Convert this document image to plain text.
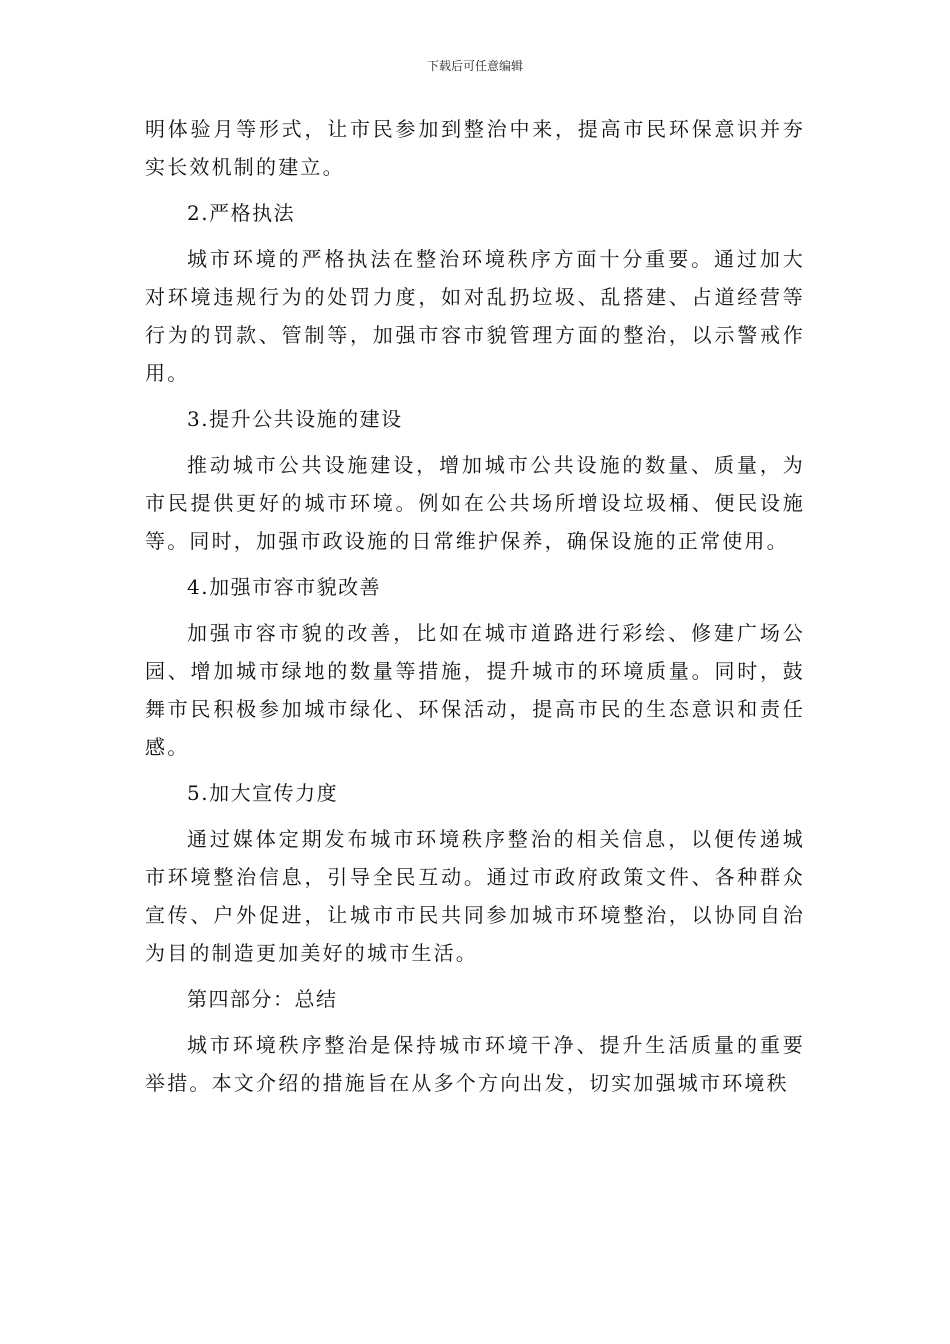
下载后可任意编辑

明体验月等形式，让市民参加到整治中来，提高市民环保意识并夯实长效机制的建立。

2.严格执法

城市环境的严格执法在整治环境秩序方面十分重要。通过加大对环境违规行为的处罚力度，如对乱扔垃圾、乱搭建、占道经营等行为的罚款、管制等，加强市容市貌管理方面的整治，以示警戒作用。

3.提升公共设施的建设

推动城市公共设施建设，增加城市公共设施的数量、质量，为市民提供更好的城市环境。例如在公共场所增设垃圾桶、便民设施等。同时，加强市政设施的日常维护保养，确保设施的正常使用。

4.加强市容市貌改善

加强市容市貌的改善，比如在城市道路进行彩绘、修建广场公园、增加城市绿地的数量等措施，提升城市的环境质量。同时，鼓舞市民积极参加城市绿化、环保活动，提高市民的生态意识和责任感。

5.加大宣传力度

通过媒体定期发布城市环境秩序整治的相关信息，以便传递城市环境整治信息，引导全民互动。通过市政府政策文件、各种群众宣传、户外促进，让城市市民共同参加城市环境整治，以协同自治为目的制造更加美好的城市生活。

第四部分：总结

城市环境秩序整治是保持城市环境干净、提升生活质量的重要举措。本文介绍的措施旨在从多个方向出发，切实加强城市环境秩
